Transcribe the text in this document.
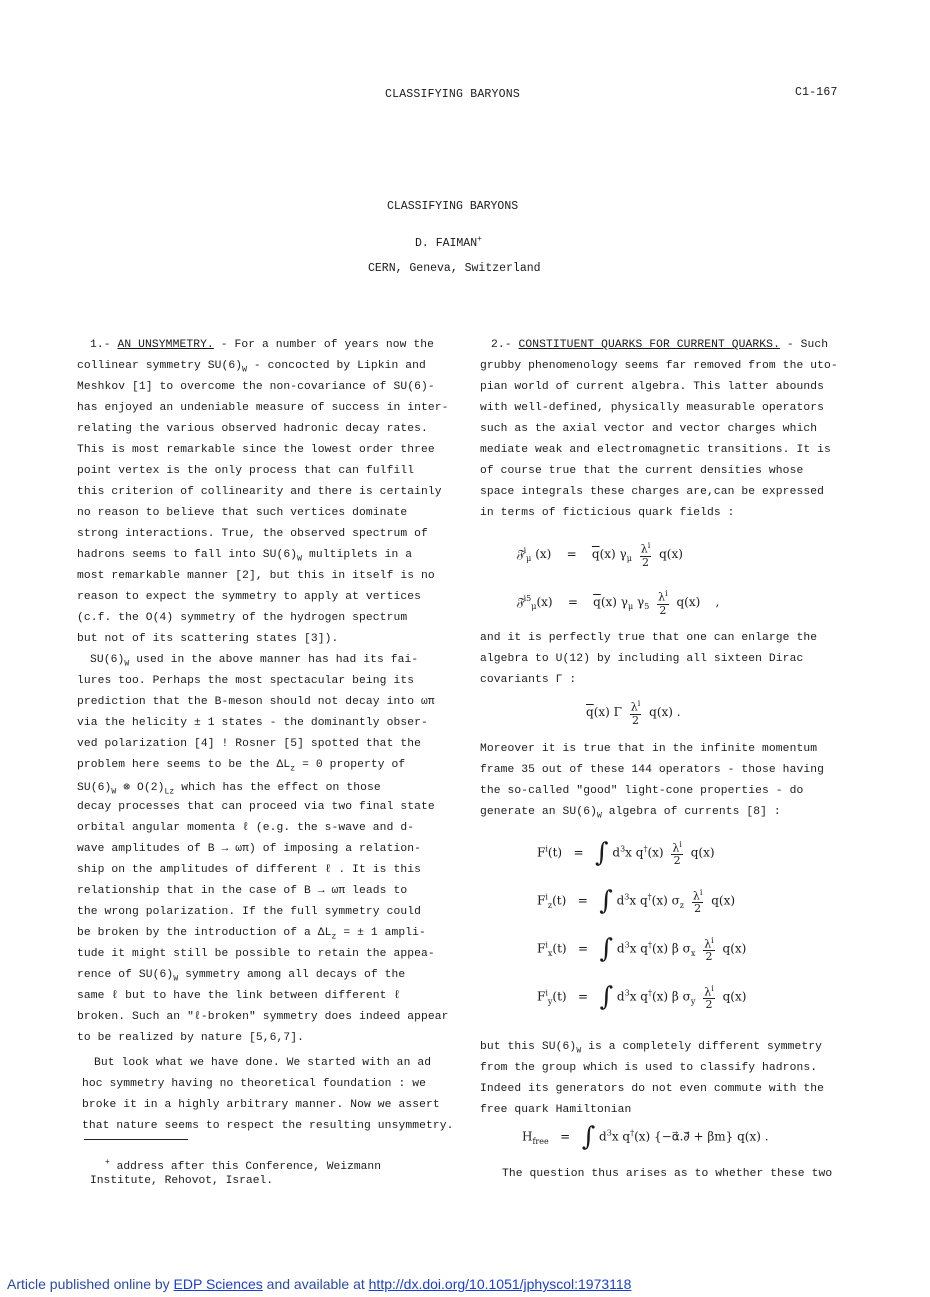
CLASSIFYING BARYONS	C1-167
CLASSIFYING BARYONS
D. FAIMAN+
CERN, Geneva, Switzerland
1.- AN UNSYMMETRY. - For a number of years now the
collinear symmetry $SU(6)_W$ - concocted by Lipkin and
Meshkov [1] to overcome the non-covariance of SU(6)-
has enjoyed an undeniable measure of success in inter-
relating the various observed hadronic decay rates.
This is most remarkable since the lowest order three
point vertex is the only process that can fulfill
this criterion of collinearity and there is certainly
no reason to believe that such vertices dominate
strong interactions. True, the observed spectrum of
hadrons seems to fall into $SU(6)_W$ multiplets in a
most remarkable manner [2], but this in itself is no
reason to expect the symmetry to apply at vertices
(c.f. the O(4) symmetry of the hydrogen spectrum
but not of its scattering states [3]).
$SU(6)_W$ used in the above manner has had its fai-
lures too. Perhaps the most spectacular being its
prediction that the B-meson should not decay into ωπ
via the helicity ± 1 states - the dominantly obser-
ved polarization [4] ! Rosner [5] spotted that the
problem here seems to be the $\Delta L_z = 0$ property of
$SU(6)_W$ ⊗ $O(2)_{Lz}$ which has the effect on those
decay processes that can proceed via two final state
orbital angular momenta ℓ (e.g. the s-wave and d-
wave amplitudes of B → ωπ) of imposing a relation-
ship on the amplitudes of different ℓ . It is this
relationship that in the case of B → ωπ leads to
the wrong polarization. If the full symmetry could
be broken by the introduction of a $\Delta L_z$ = ± 1 ampli-
tude it might still be possible to retain the appea-
rence of $SU(6)_W$ symmetry among all decays of the
same ℓ but to have the link between different ℓ
broken. Such an "ℓ-broken" symmetry does indeed appear
to be realized by nature [5,6,7].
But look what we have done. We started with an ad
hoc symmetry having no theoretical foundation : we
broke it in a highly arbitrary manner. Now we assert
that nature seems to respect the resulting unsymmetry.
+ address after this Conference, Weizmann
Institute, Rehovot, Israel.
2.- CONSTITUENT QUARKS FOR CURRENT QUARKS. - Such
grubby phenomenology seems far removed from the uto-
pian world of current algebra. This latter abounds
with well-defined, physically measurable operators
such as the axial vector and vector charges which
mediate weak and electromagnetic transitions. It is
of course true that the current densities whose
space integrals these charges are,can be expressed
in terms of ficticious quark fields :
and it is perfectly true that one can enlarge the
algebra to U(12) by including all sixteen Dirac
covariants Γ :
Moreover it is true that in the infinite momentum
frame 35 out of these 144 operators - those having
the so-called "good" light-cone properties - do
generate an $SU(6)_W$ algebra of currents [8] :
but this $SU(6)_W$ is a completely different symmetry
from the group which is used to classify hadrons.
Indeed its generators do not even commute with the
free quark Hamiltonian
The question thus arises as to whether these two
𝔉$^i_\mu$ (x)    =    $\overline{q}(x)$ $\gamma_\mu \frac{\lambda^i}{2} q(x)$
𝔉$^{i5}_\mu$(x)    =    $\overline{q}(x)$ $\gamma_\mu$ $\gamma_5 \frac{\lambda^i}{2} q(x)$    ,
$\overline{q}(x)$ Γ $\frac{\lambda^i}{2} q(x)$ .
$F^i(t)$   =   ∫ $d^3x$ $q^\dagger(x) \frac{\lambda^i}{2} q(x)$
$F^i_z(t)$   =   ∫ $d^3x$ q†(x) $\sigma_z \frac{\lambda^i}{2} q(x)$
$F^i_x(t)$   =   ∫ $d^3x$ q†(x) β $\sigma_x \frac{\lambda^i}{2} q(x)$
$F^i_y(t)$   =   ∫ $d^3x$ q†(x) β $\sigma_y \frac{\lambda^i}{2} q(x)$
$H_{free}$   =   ∫ $d^3x$ q†(x) {−α⃗.∂⃗ + βm} q(x) .
Article published online by EDP Sciences and available at http://dx.doi.org/10.1051/jphyscol:1973118
